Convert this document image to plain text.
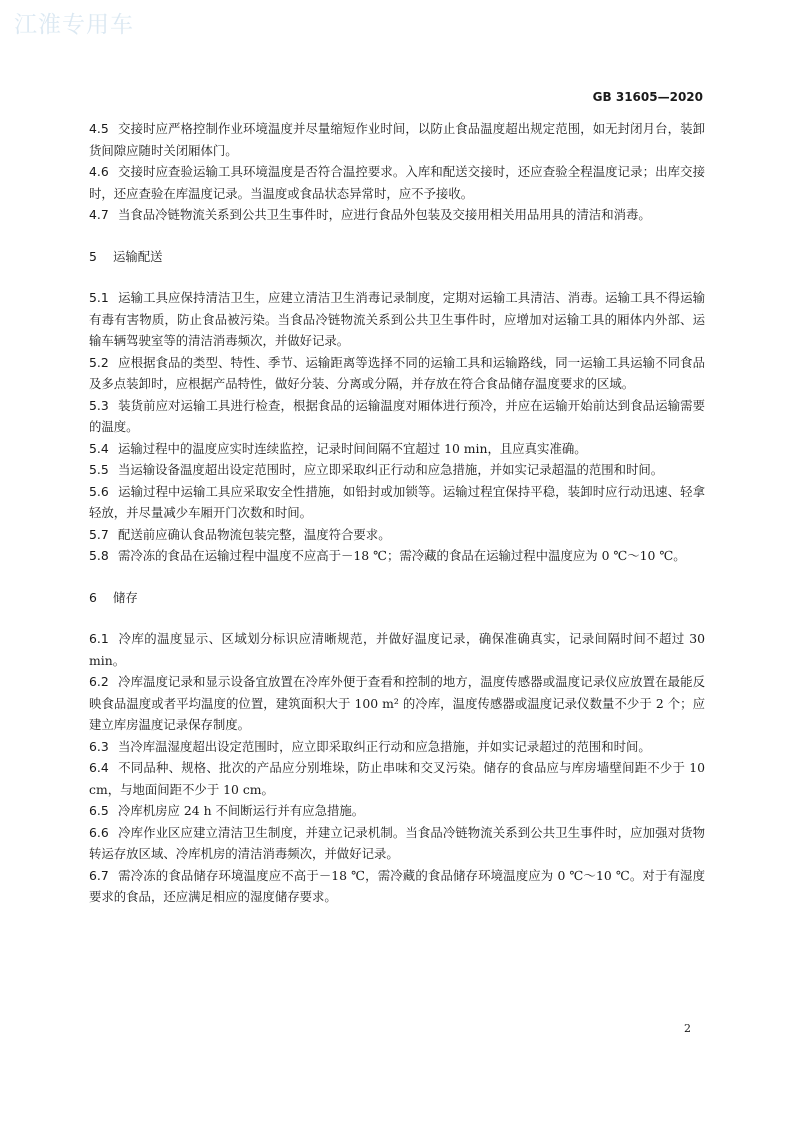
江淮专用车
GB 31605—2020

4.5 交接时应严格控制作业环境温度并尽量缩短作业时间，以防止食品温度超出规定范围，如无封闭月台，装卸货间隙应随时关闭厢体门。

4.6 交接时应查验运输工具环境温度是否符合温控要求。入库和配送交接时，还应查验全程温度记录；出库交接时，还应查验在库温度记录。当温度或食品状态异常时，应不予接收。

4.7 当食品冷链物流关系到公共卫生事件时，应进行食品外包装及交接用相关用品用具的清洁和消毒。

5 运输配送

5.1 运输工具应保持清洁卫生，应建立清洁卫生消毒记录制度，定期对运输工具清洁、消毒。运输工具不得运输有毒有害物质，防止食品被污染。当食品冷链物流关系到公共卫生事件时，应增加对运输工具的厢体内外部、运输车辆驾驶室等的清洁消毒频次，并做好记录。

5.2 应根据食品的类型、特性、季节、运输距离等选择不同的运输工具和运输路线，同一运输工具运输不同食品及多点装卸时，应根据产品特性，做好分装、分离或分隔，并存放在符合食品储存温度要求的区域。

5.3 装货前应对运输工具进行检查，根据食品的运输温度对厢体进行预冷，并应在运输开始前达到食品运输需要的温度。

5.4 运输过程中的温度应实时连续监控，记录时间间隔不宜超过 10 min，且应真实准确。

5.5 当运输设备温度超出设定范围时，应立即采取纠正行动和应急措施，并如实记录超温的范围和时间。

5.6 运输过程中运输工具应采取安全性措施，如铅封或加锁等。运输过程宜保持平稳，装卸时应行动迅速、轻拿轻放，并尽量减少车厢开门次数和时间。

5.7 配送前应确认食品物流包装完整，温度符合要求。

5.8 需冷冻的食品在运输过程中温度不应高于－18 ℃；需冷藏的食品在运输过程中温度应为 0 ℃～10 ℃。

6 储存

6.1 冷库的温度显示、区域划分标识应清晰规范，并做好温度记录，确保准确真实，记录间隔时间不超过 30 min。

6.2 冷库温度记录和显示设备宜放置在冷库外便于查看和控制的地方，温度传感器或温度记录仪应放置在最能反映食品温度或者平均温度的位置，建筑面积大于 100 m² 的冷库，温度传感器或温度记录仪数量不少于 2 个；应建立库房温度记录保存制度。

6.3 当冷库温湿度超出设定范围时，应立即采取纠正行动和应急措施，并如实记录超过的范围和时间。

6.4 不同品种、规格、批次的产品应分别堆垛，防止串味和交叉污染。储存的食品应与库房墙壁间距不少于 10 cm，与地面间距不少于 10 cm。

6.5 冷库机房应 24 h 不间断运行并有应急措施。

6.6 冷库作业区应建立清洁卫生制度，并建立记录机制。当食品冷链物流关系到公共卫生事件时，应加强对货物转运存放区域、冷库机房的清洁消毒频次，并做好记录。

6.7 需冷冻的食品储存环境温度应不高于－18 ℃，需冷藏的食品储存环境温度应为 0 ℃～10 ℃。对于有湿度要求的食品，还应满足相应的湿度储存要求。

2
